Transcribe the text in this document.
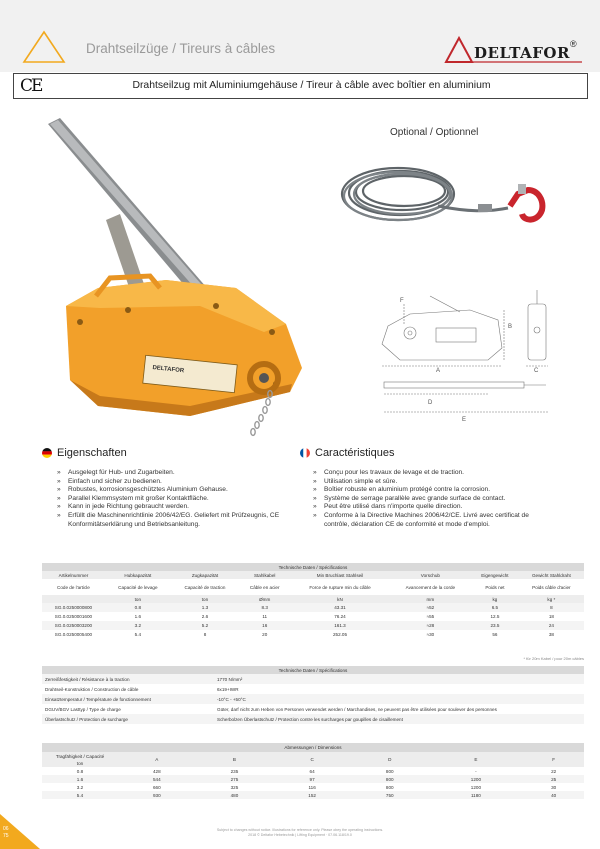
Drahtseilzüge / Tireurs à câbles	DELTAFOR ®
CE	Drahtseilzug mit Aluminiumgehäuse / Tireur à câble avec boîtier en aluminium
DELTAFOR
Optional / Optionnel
A
B
C
D
E
F
Eigenschaften
» Ausgelegt für Hub- und Zugarbeiten.
» Einfach und sicher zu bedienen.
» Robustes, korrosionsgeschütztes Aluminium Gehause.
» Parallel Klemmsystem mit großer Kontaktfläche.
» Kann in jede Richtung gebraucht werden.
» Erfüllt die Maschinenrichtlinie 2006/42/EG. Geliefert mit Prüfzeugnis, CE Konformitätserklärung und Betriebsanleitung.
Caractéristiques
» Conçu pour les travaux de levage et de traction.
» Utilisation simple et sûre.
» Boîtier robuste en aluminium protégé contre la corrosion.
» Système de serrage parallèle avec grande surface de contact.
» Peut être utilisé dans n'importe quelle direction.
» Conforme à la Directive Machines 2006/42/CE. Livré avec certificat de contrôle, déclaration CE de conformité et mode d'emploi.
Technische Daten / Spécifications							
Artikelnummer	Hubkapazität	Zugkapazität	Stahlkabel	Min Bruchlast Stahlseil	Vorschub	Eigengewicht	Gewicht Stahldraht
Code de l'article	Capacité de levage	Capacité de traction	Câble en acier	Force de rupture min du câble	Avancement de la corde	Poids net	Poids câble d'acier
	ton	ton	Ømm	kN	mm	kg	kg *
SG.0.0250000800	0.8	1.3	8.3	43.31	≈52	6.5	8
SG.0.0250001600	1.6	2.6	11	76.24	≈55	12.5	18
SG.0.0250003200	3.2	5.2	16	161.3	≈28	23.5	24
SG.0.0250005400	5.4	8	20	252.05	≈30	56	38
* für 20m Kabel / pour 20m câbles
Technische Daten / Spécifications	
Zerreißfestigkeit / Résistance à la traction	1770 N/mm²
Drahtseil-Konstruktion / Construction de câble	6x19+IWR
Einsatztemperatur / Température de fonctionnement	-10°C - +50°C
DGUV/BGV Lasttyp / Type de charge	Güter, darf nicht zum Heben von Personen verwendet werden / Marchandises, ne peuvent pas être utilisées pour soulever des personnes
Überlastschutz / Protection de surcharge	Scherbolzen Überlastschutz / Protection contre les surcharges par goupilles de cisaillement
Abmessungen / Dimensions						
Tragfähigkeit / Capacité	A	B	C	D	E	F
ton						
0.8	428	235	64	800	-	22
1.6	544	275	97	800	1200	25
3.2	660	325	116	800	1200	30
5.4	930	480	152	750	1180	40
Subject to changes without notice. Illustrations for reference only. Please obey the operating instructions.
2018 © Deltafor Hebetechnik | Lifting Equipment · 07.06.118/19.0
06
75
